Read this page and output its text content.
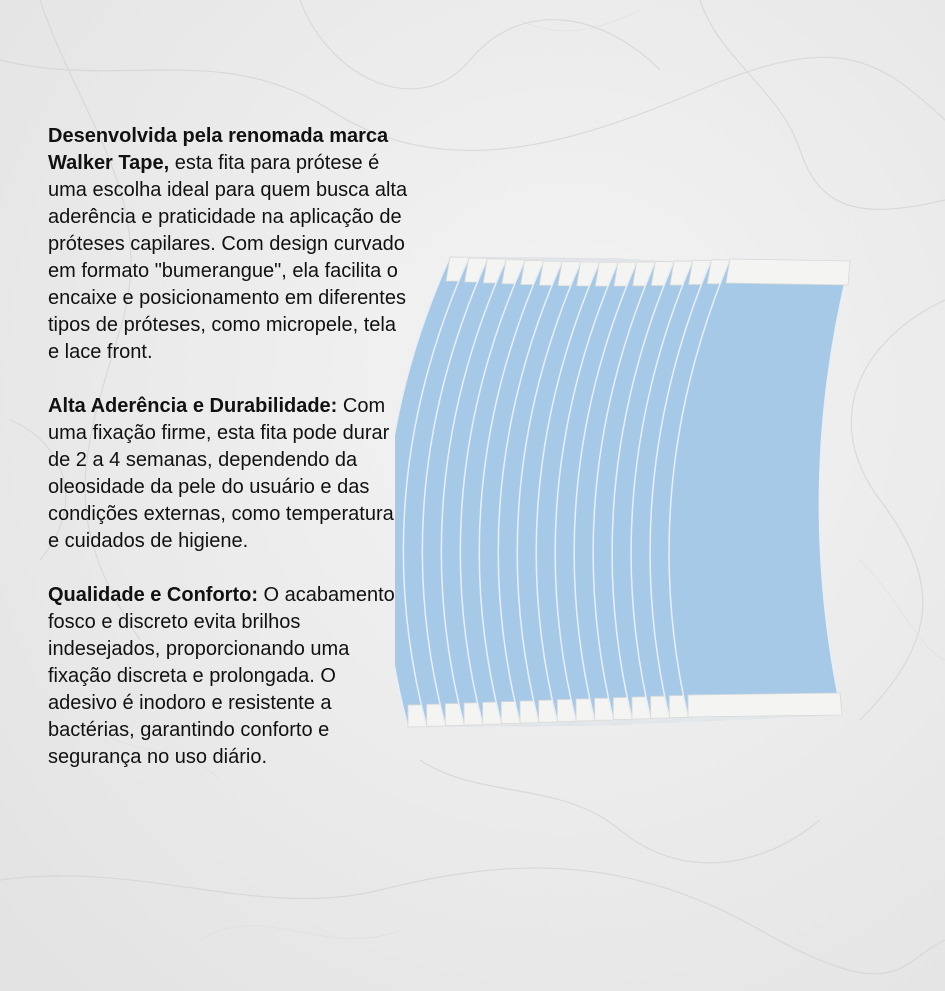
Desenvolvida pela renomada marca Walker Tape, esta fita para prótese é uma escolha ideal para quem busca alta aderência e praticidade na aplicação de próteses capilares. Com design curvado em formato "bumerangue", ela facilita o encaixe e posicionamento em diferentes tipos de próteses, como micropele, tela e lace front.

Alta Aderência e Durabilidade: Com uma fixação firme, esta fita pode durar de 2 a 4 semanas, dependendo da oleosidade da pele do usuário e das condições externas, como temperatura e cuidados de higiene.

Qualidade e Conforto: O acabamento fosco e discreto evita brilhos indesejados, proporcionando uma fixação discreta e prolongada. O adesivo é inodoro e resistente a bactérias, garantindo conforto e segurança no uso diário.
